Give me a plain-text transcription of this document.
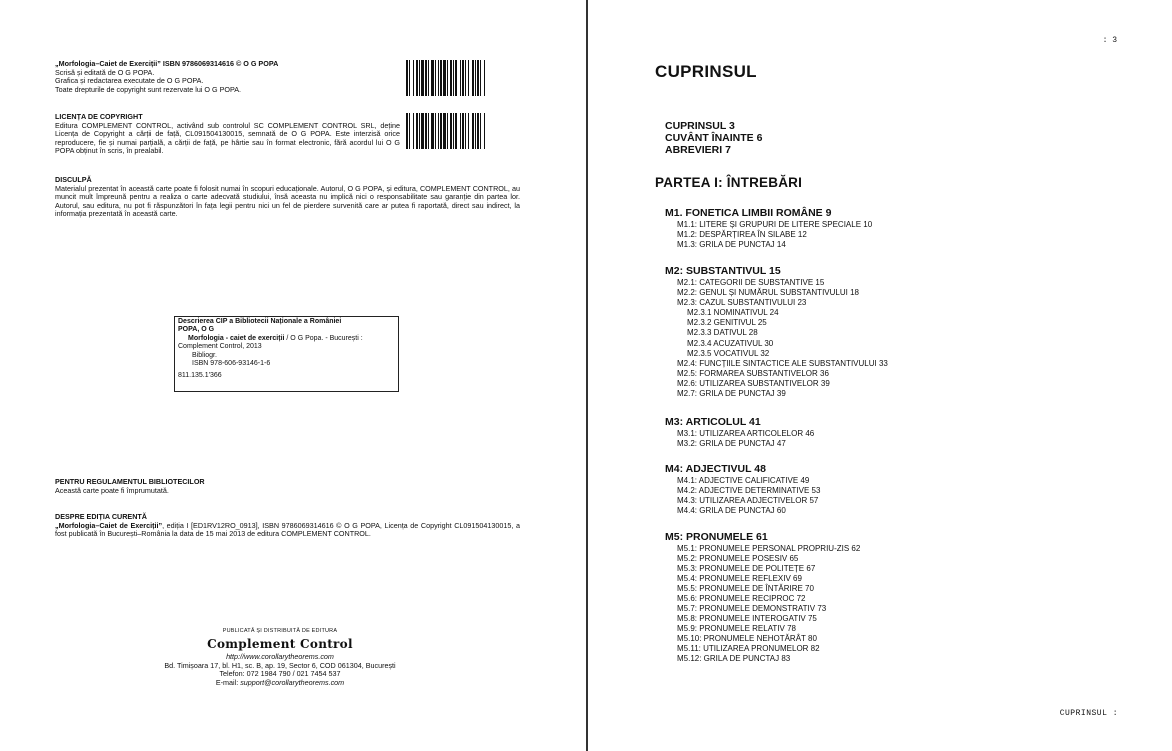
„Morfologia–Caiet de Exerciții” ISBN 9786069314616 © O G POPA
Scrisă și editată de O G POPA.
Grafica și redactarea executate de O G POPA.
Toate drepturile de copyright sunt rezervate lui O G POPA.
LICENȚA DE COPYRIGHT
Editura COMPLEMENT CONTROL, activând sub controlul SC COMPLEMENT CONTROL SRL, deține Licența de Copyright a cărții de față, CL091504130015, semnată de O G POPA. Este interzisă orice reproducere, fie și numai parțială, a cărții de față, pe hârtie sau în format electronic, fără acordul lui O G POPA obținut în scris, în prealabil.
DISCULPĂ
Materialul prezentat în această carte poate fi folosit numai în scopuri educaționale. Autorul, O G POPA, și editura, COMPLEMENT CONTROL, au muncit mult împreună pentru a realiza o carte adecvată studiului, însă aceasta nu implică nici o responsabilitate sau garanție din partea lor. Autorul, sau editura, nu pot fi răspunzători în fața legii pentru nici un fel de pierdere survenită care ar putea fi raportată, direct sau indirect, la informația prezentată în această carte.
Descrierea CIP a Bibliotecii Naționale a României
POPA, O G
Morfologia - caiet de exerciții / O G Popa. - București :
Complement Control, 2013
Bibliogr.
ISBN 978-606-93146-1-6
811.135.1'366
PENTRU REGULAMENTUL BIBLIOTECILOR
Această carte poate fi împrumutată.
DESPRE EDIȚIA CURENTĂ
„Morfologia–Caiet de Exerciții”, ediția I [ED1RV12RO_0913], ISBN 9786069314616 © O G POPA, Licența de Copyright CL091504130015, a fost publicată în București–România la data de 15 mai 2013 de editura COMPLEMENT CONTROL.
PUBLICATĂ ȘI DISTRIBUITĂ DE EDITURA
Complement Control
http://www.corollarytheorems.com
Bd. Timișoara 17, bl. H1, sc. B, ap. 19, Sector 6, COD 061304, București
Telefon: 072 1984 790 / 021 7454 537
E-mail: support@corollarytheorems.com
: 3
CUPRINSUL
CUPRINSUL 3
CUVÂNT ÎNAINTE 6
ABREVIERI 7
PARTEA I: ÎNTREBĂRI
M1. FONETICA LIMBII ROMÂNE 9
M1.1: LITERE ȘI GRUPURI DE LITERE SPECIALE 10
M1.2: DESPĂRȚIREA ÎN SILABE 12
M1.3: GRILA DE PUNCTAJ 14
M2: SUBSTANTIVUL 15
M2.1: CATEGORII DE SUBSTANTIVE 15
M2.2: GENUL ȘI NUMĂRUL SUBSTANTIVULUI 18
M2.3: CAZUL SUBSTANTIVULUI 23
M2.3.1 NOMINATIVUL 24
M2.3.2 GENITIVUL 25
M2.3.3 DATIVUL 28
M2.3.4 ACUZATIVUL 30
M2.3.5 VOCATIVUL 32
M2.4: FUNCȚIILE SINTACTICE ALE SUBSTANTIVULUI 33
M2.5: FORMAREA SUBSTANTIVELOR 36
M2.6: UTILIZAREA SUBSTANTIVELOR 39
M2.7: GRILA DE PUNCTAJ 39
M3: ARTICOLUL 41
M3.1: UTILIZAREA ARTICOLELOR 46
M3.2: GRILA DE PUNCTAJ 47
M4: ADJECTIVUL 48
M4.1: ADJECTIVE CALIFICATIVE 49
M4.2: ADJECTIVE DETERMINATIVE 53
M4.3: UTILIZAREA ADJECTIVELOR 57
M4.4: GRILA DE PUNCTAJ 60
M5: PRONUMELE 61
M5.1: PRONUMELE PERSONAL PROPRIU-ZIS 62
M5.2: PRONUMELE POSESIV 65
M5.3: PRONUMELE DE POLITEȚE 67
M5.4: PRONUMELE REFLEXIV 69
M5.5: PRONUMELE DE ÎNTĂRIRE 70
M5.6: PRONUMELE RECIPROC 72
M5.7: PRONUMELE DEMONSTRATIV 73
M5.8: PRONUMELE INTEROGATIV 75
M5.9: PRONUMELE RELATIV 78
M5.10: PRONUMELE NEHOTĂRÂT 80
M5.11: UTILIZAREA PRONUMELOR 82
M5.12: GRILA DE PUNCTAJ 83
CUPRINSUL :
